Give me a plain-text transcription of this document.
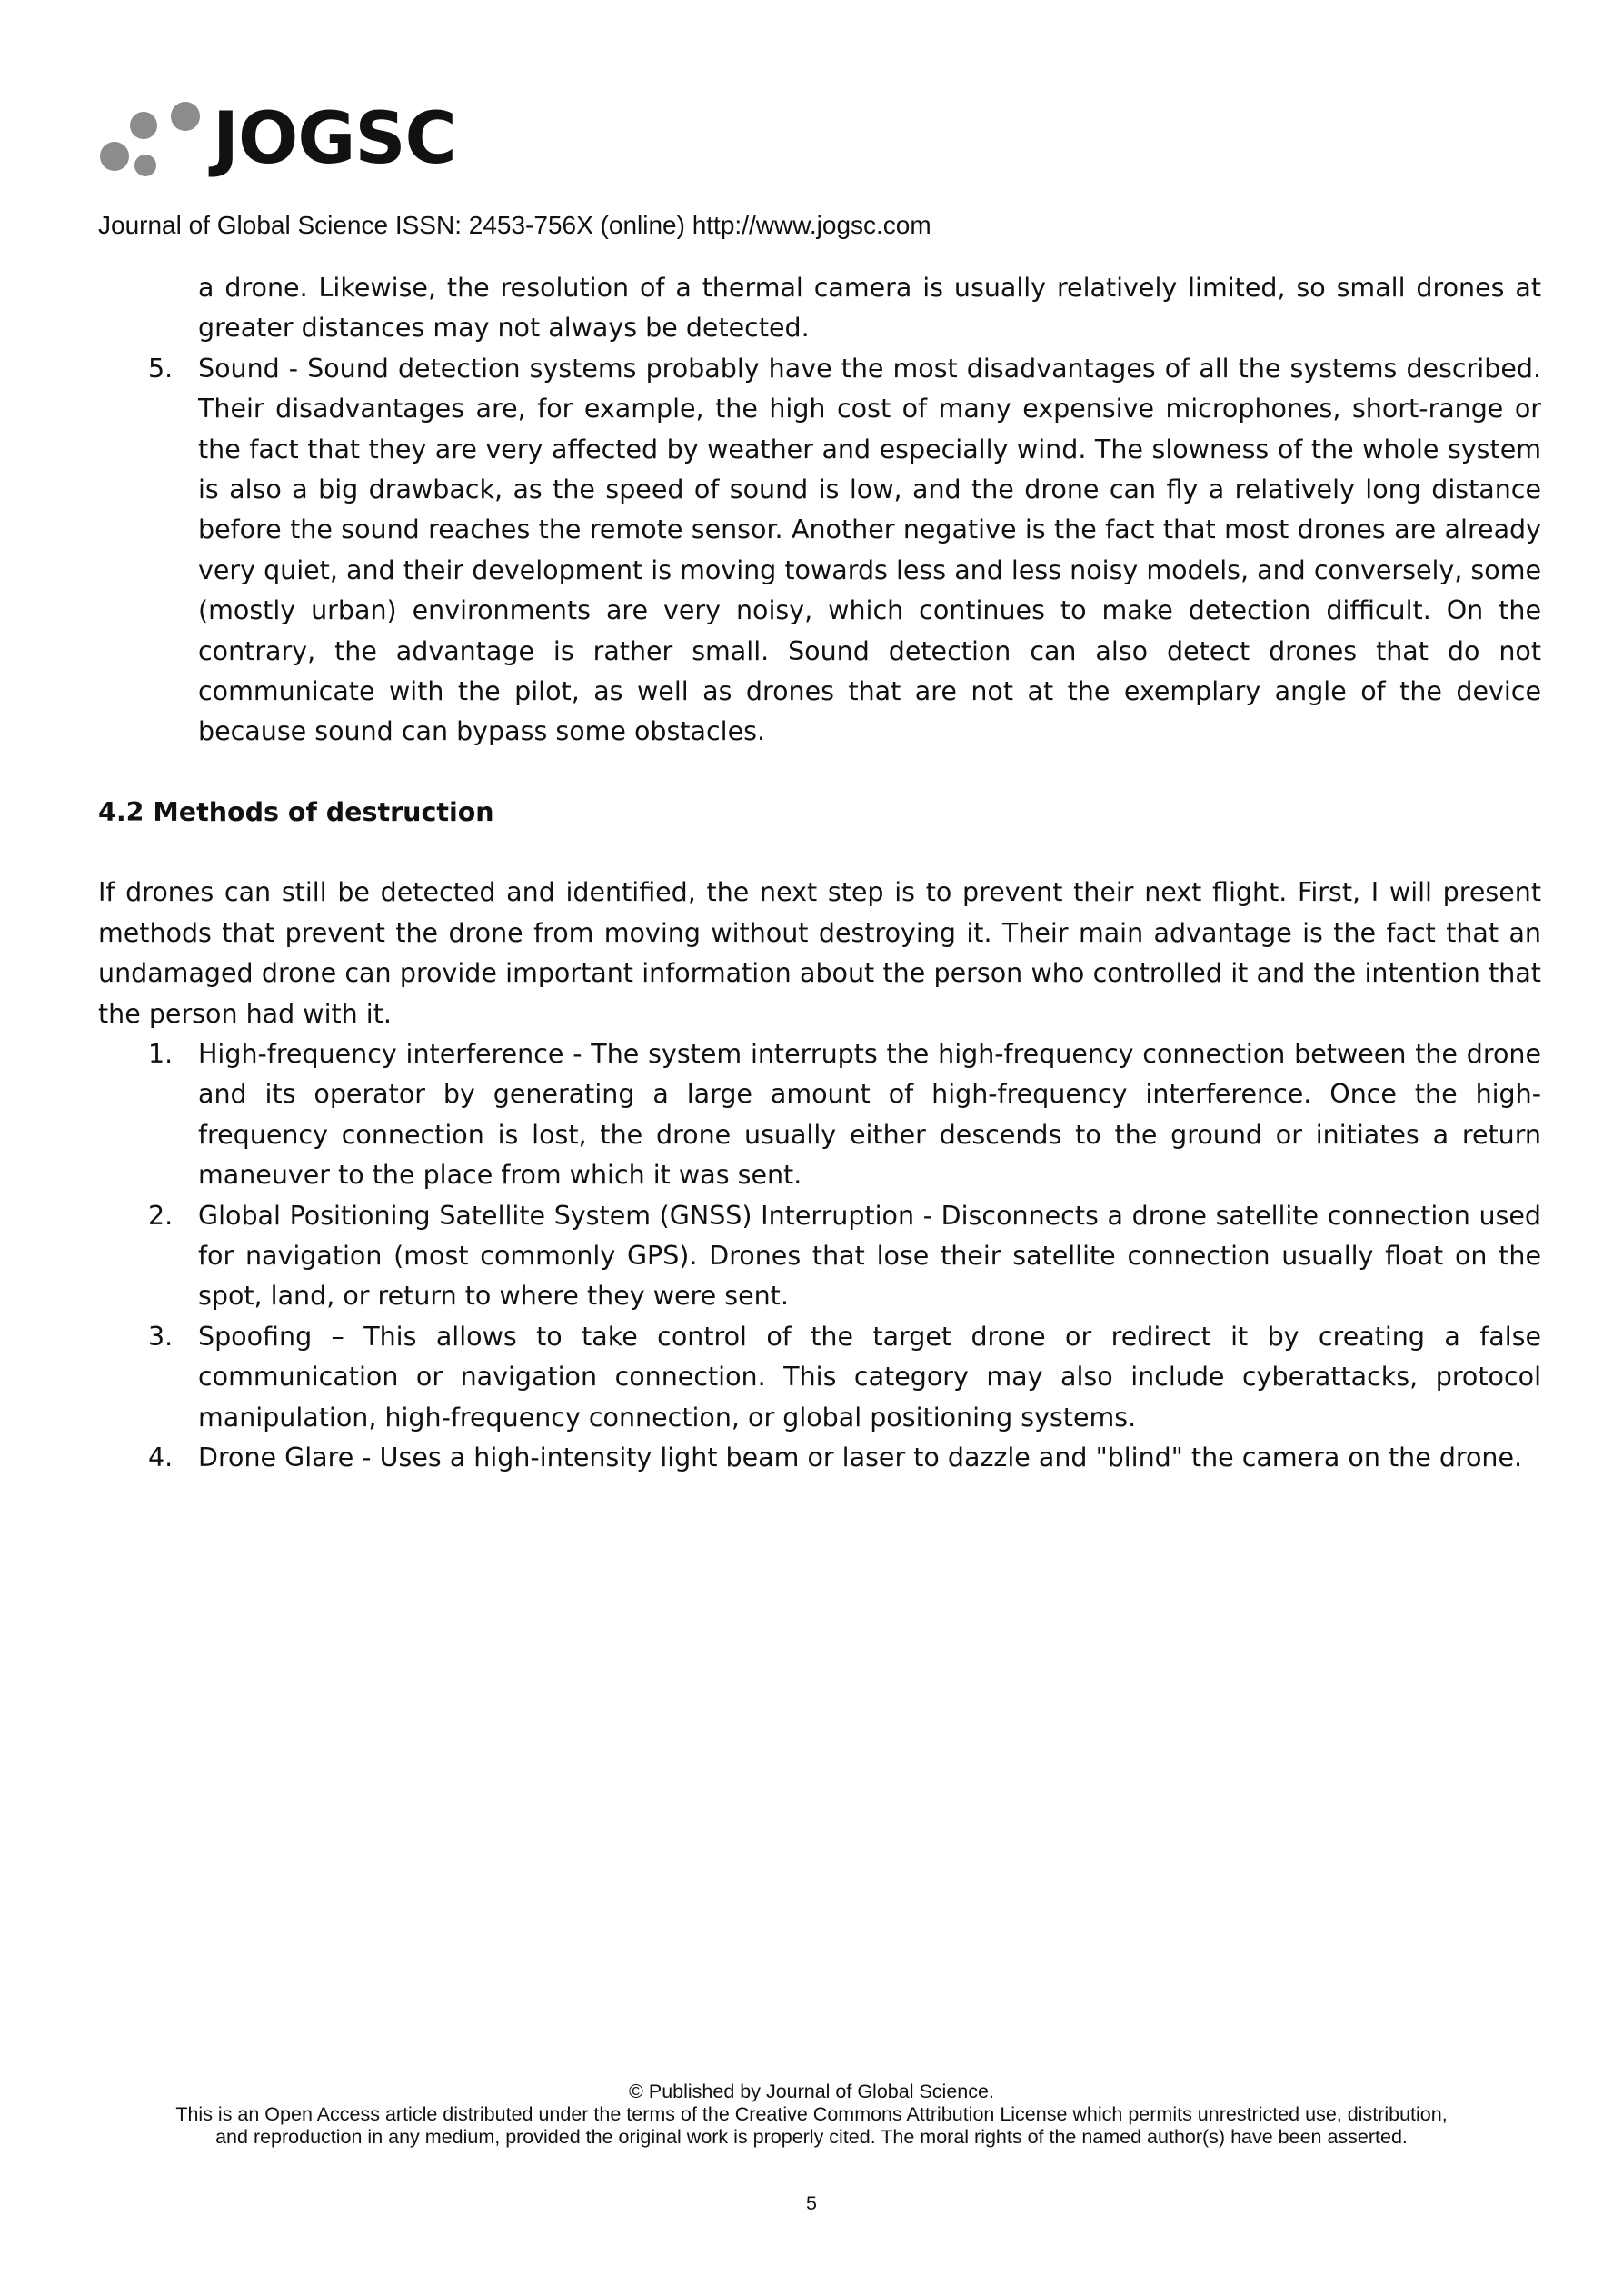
JOGSC
Journal of Global Science ISSN: 2453-756X (online) http://www.jogsc.com
a drone. Likewise, the resolution of a thermal camera is usually relatively limited, so small drones at greater distances may not always be detected.
5. Sound - Sound detection systems probably have the most disadvantages of all the systems described. Their disadvantages are, for example, the high cost of many expensive microphones, short-range or the fact that they are very affected by weather and especially wind. The slowness of the whole system is also a big drawback, as the speed of sound is low, and the drone can fly a relatively long distance before the sound reaches the remote sensor. Another negative is the fact that most drones are already very quiet, and their development is moving towards less and less noisy models, and conversely, some (mostly urban) environments are very noisy, which continues to make detection difficult. On the contrary, the advantage is rather small. Sound detection can also detect drones that do not communicate with the pilot, as well as drones that are not at the exemplary angle of the device because sound can bypass some obstacles.
4.2 Methods of destruction
If drones can still be detected and identified, the next step is to prevent their next flight. First, I will present methods that prevent the drone from moving without destroying it. Their main advantage is the fact that an undamaged drone can provide important information about the person who controlled it and the intention that the person had with it.
1. High-frequency interference - The system interrupts the high-frequency connection between the drone and its operator by generating a large amount of high-frequency interference. Once the high-frequency connection is lost, the drone usually either descends to the ground or initiates a return maneuver to the place from which it was sent.
2. Global Positioning Satellite System (GNSS) Interruption - Disconnects a drone satellite connection used for navigation (most commonly GPS). Drones that lose their satellite connection usually float on the spot, land, or return to where they were sent.
3. Spoofing – This allows to take control of the target drone or redirect it by creating a false communication or navigation connection. This category may also include cyberattacks, protocol manipulation, high-frequency connection, or global positioning systems.
4. Drone Glare - Uses a high-intensity light beam or laser to dazzle and "blind" the camera on the drone.
© Published by Journal of Global Science.
This is an Open Access article distributed under the terms of the Creative Commons Attribution License which permits unrestricted use, distribution,
and reproduction in any medium, provided the original work is properly cited. The moral rights of the named author(s) have been asserted.
5
